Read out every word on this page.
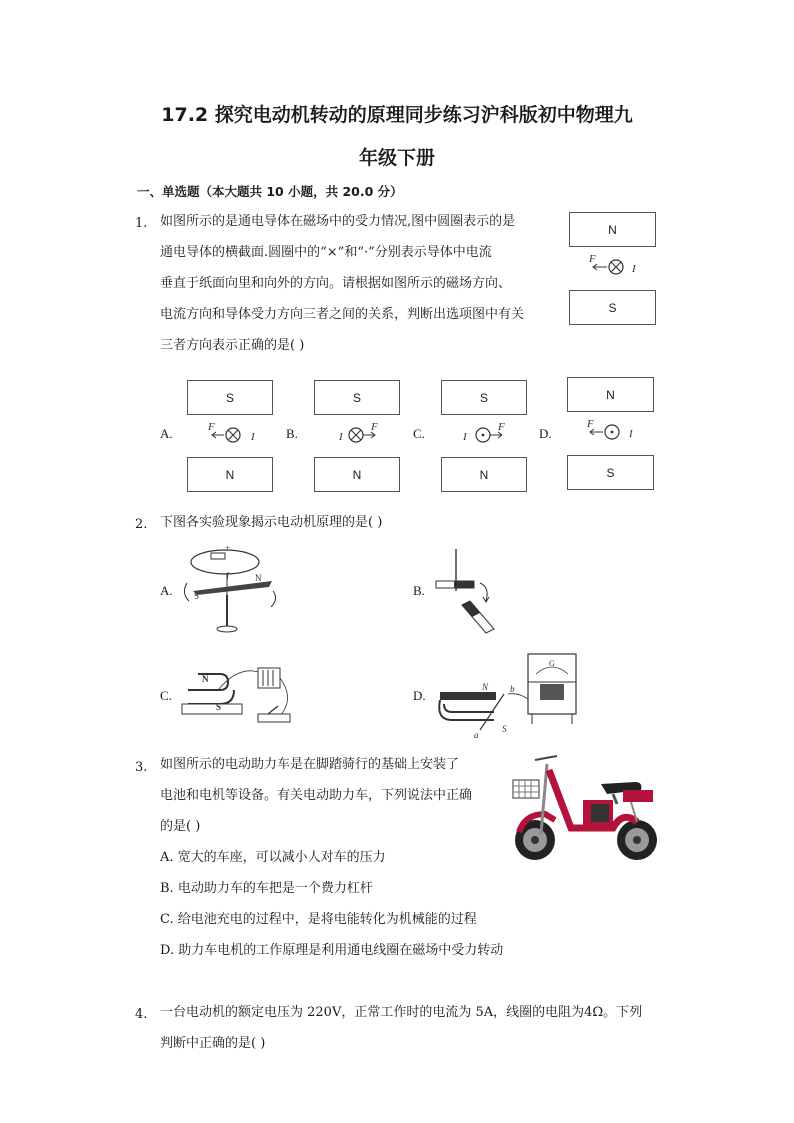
17.2 探究电动机转动的原理同步练习沪科版初中物理九
年级下册
一、单选题（本大题共 10 小题，共 20.0 分）
1. 如图所示的是通电导体在磁场中的受力情况,图中圆圈表示的是
通电导体的横截面.圆圈中的“×”和“·”分别表示导体中电流
垂直于纸面向里和向外的方向。请根据如图所示的磁场方向、
电流方向和导体受力方向三者之间的关系，判断出选项图中有关
三者方向表示正确的是( )
N
F
I
S
S
A.	F
I
N
S
B.	F
I
N
S
C.	F
I
N
N
D.
F
I
S
2. 下图各实验现象揭示电动机原理的是( )
A.
- +
I	N
S	B.
C.
N
S
D.
N b
S
a
G
3. 如图所示的电动助力车是在脚踏骑行的基础上安装了
电池和电机等设备。有关电动助力车，下列说法中正确
的是( )
A. 宽大的车座，可以减小人对车的压力
B. 电动助力车的车把是一个费力杠杆
C. 给电池充电的过程中，是将电能转化为机械能的过程
D. 助力车电机的工作原理是利用通电线圈在磁场中受力转动
4. 一台电动机的额定电压为 220V，正常工作时的电流为 5A，线圈的电阻为4Ω。下列
判断中正确的是( )
